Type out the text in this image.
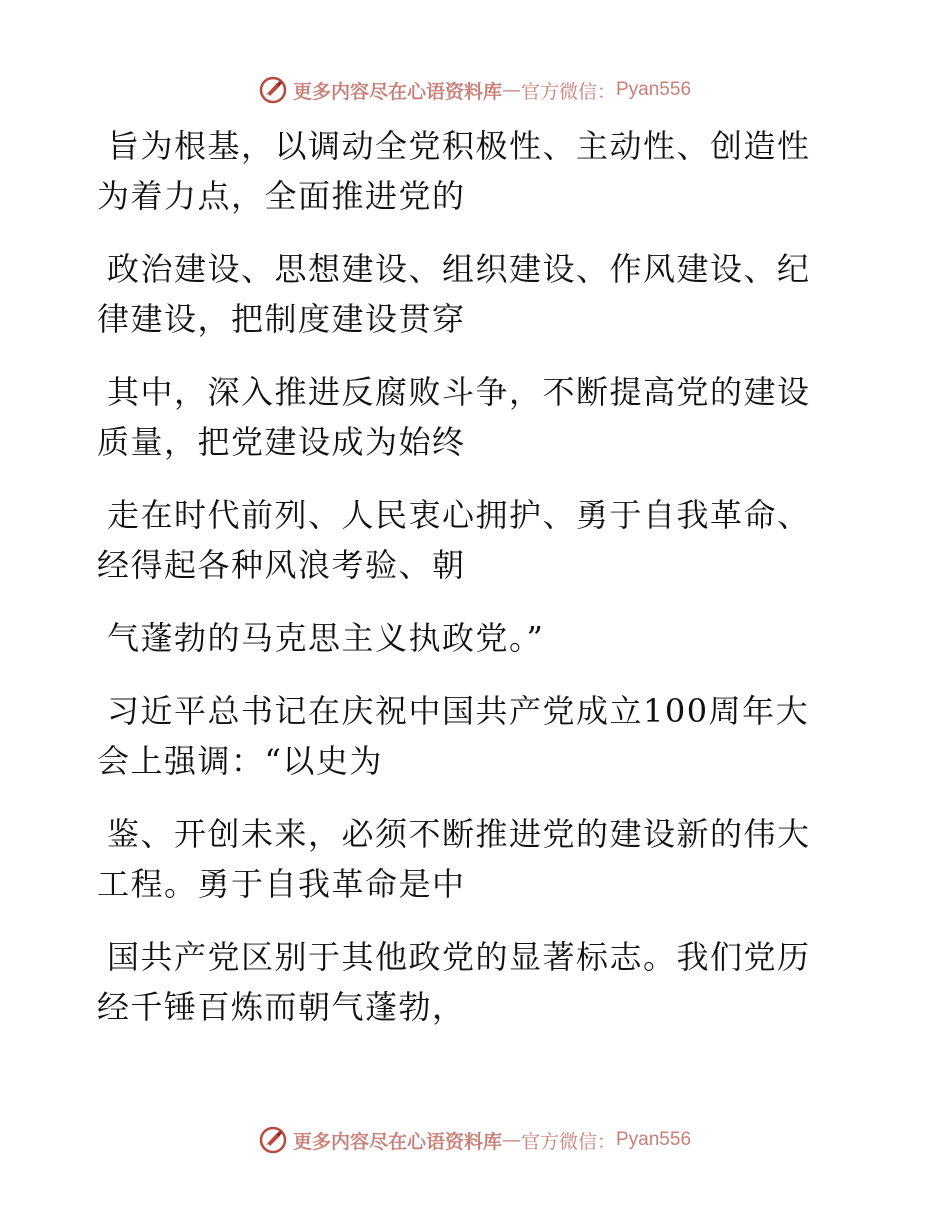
更多内容尽在心语资料库 — 官方微信： Pyan556

旨为根基，以调动全党积极性、主动性、创造性
为着力点，全面推进党的

政治建设、思想建设、组织建设、作风建设、纪
律建设，把制度建设贯穿

其中，深入推进反腐败斗争，不断提高党的建设
质量，把党建设成为始终

走在时代前列、人民衷心拥护、勇于自我革命、
经得起各种风浪考验、朝

气蓬勃的马克思主义执政党。”

习近平总书记在庆祝中国共产党成立100周年大
会上强调：“以史为

鉴、开创未来，必须不断推进党的建设新的伟大
工程。勇于自我革命是中

国共产党区别于其他政党的显著标志。我们党历
经千锤百炼而朝气蓬勃，

更多内容尽在心语资料库 — 官方微信： Pyan556
